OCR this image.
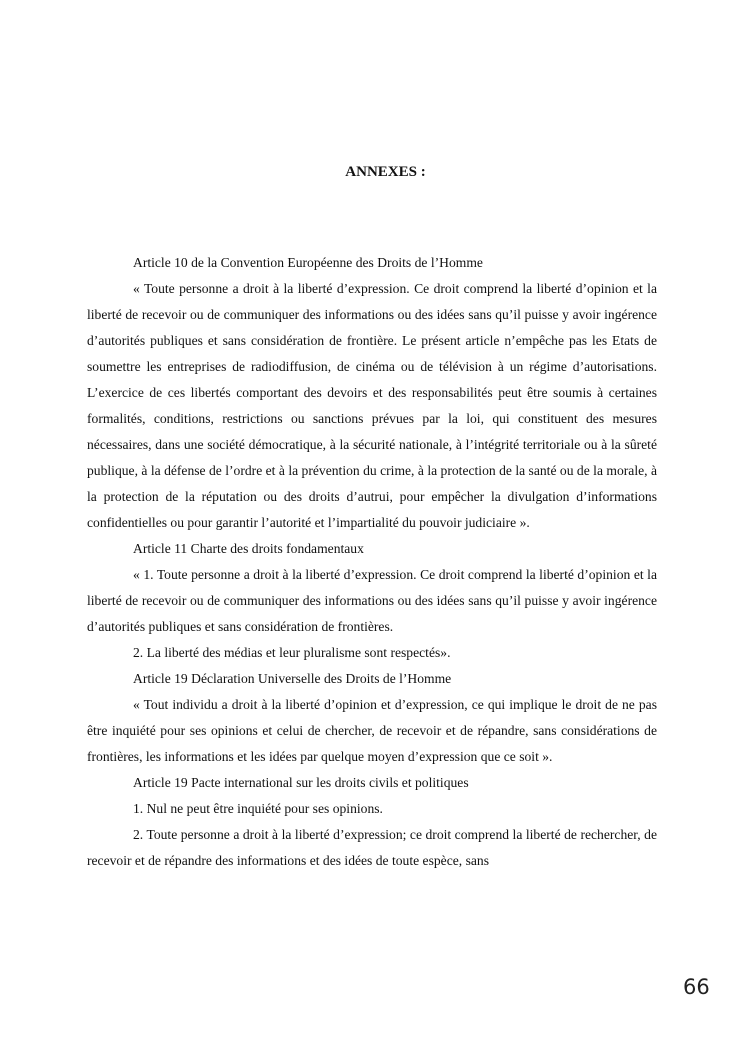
ANNEXES :

Article 10 de la Convention Européenne des Droits de l’Homme

« Toute personne a droit à la liberté d’expression. Ce droit comprend la liberté d’opinion et la liberté de recevoir ou de communiquer des informations ou des idées sans qu’il puisse y avoir ingérence d’autorités publiques et sans considération de frontière. Le présent article n’empêche pas les Etats de soumettre les entreprises de radiodiffusion, de cinéma ou de télévision à un régime d’autorisations. L’exercice de ces libertés comportant des devoirs et des responsabilités peut être soumis à certaines formalités, conditions, restrictions ou sanctions prévues par la loi, qui constituent des mesures nécessaires, dans une société démocratique, à la sécurité nationale, à l’intégrité territoriale ou à la sûreté publique, à la défense de l’ordre et à la prévention du crime, à la protection de la santé ou de la morale, à la protection de la réputation ou des droits d’autrui, pour empêcher la divulgation d’informations confidentielles ou pour garantir l’autorité et l’impartialité du pouvoir judiciaire ».

Article 11 Charte des droits fondamentaux

« 1. Toute personne a droit à la liberté d’expression. Ce droit comprend la liberté d’opinion et la liberté de recevoir ou de communiquer des informations ou des idées sans qu’il puisse y avoir ingérence d’autorités publiques et sans considération de frontières.

2. La liberté des médias et leur pluralisme sont respectés».

Article 19 Déclaration Universelle des Droits de l’Homme

« Tout individu a droit à la liberté d’opinion et d’expression, ce qui implique le droit de ne pas être inquiété pour ses opinions et celui de chercher, de recevoir et de répandre, sans considérations de frontières, les informations et les idées par quelque moyen d’expression que ce soit ».

Article 19 Pacte international sur les droits civils et politiques

1. Nul ne peut être inquiété pour ses opinions.

2. Toute personne a droit à la liberté d’expression; ce droit comprend la liberté de rechercher, de recevoir et de répandre des informations et des idées de toute espèce, sans

66
